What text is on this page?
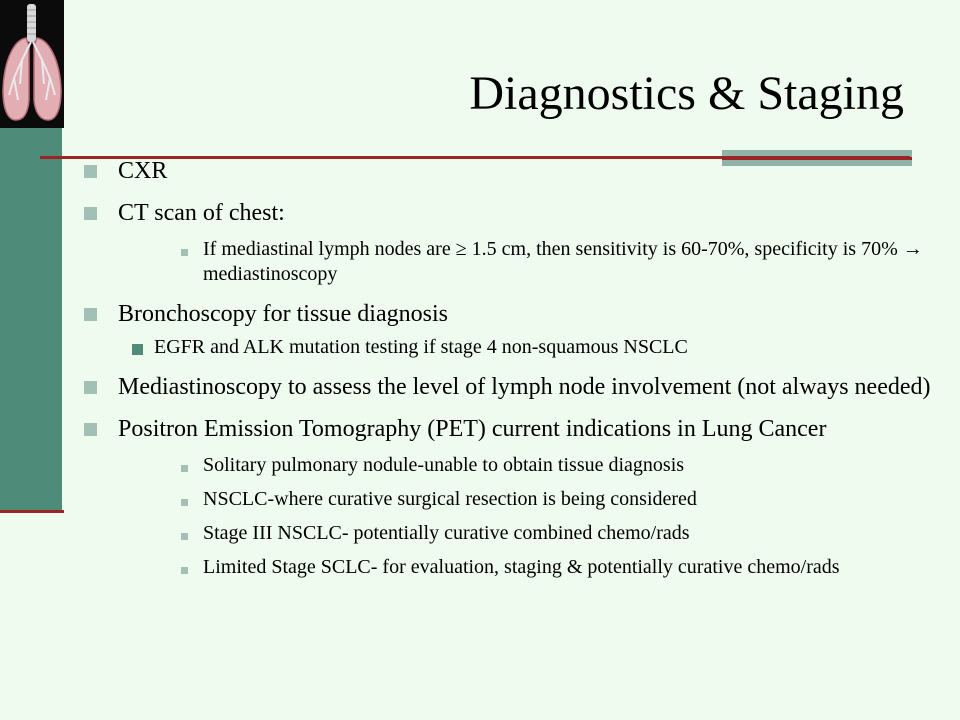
Diagnostics & Staging
CXR
CT scan of chest:
If mediastinal lymph nodes are ≥ 1.5 cm, then sensitivity is 60-70%, specificity is 70% → mediastinoscopy
Bronchoscopy for tissue diagnosis
EGFR and ALK mutation testing if stage 4 non-squamous NSCLC
Mediastinoscopy to assess the level of lymph node involvement (not always needed)
Positron Emission Tomography (PET) current indications in Lung Cancer
Solitary pulmonary nodule-unable to obtain tissue diagnosis
NSCLC-where curative surgical resection is being considered
Stage III NSCLC- potentially curative combined chemo/rads
Limited Stage SCLC- for evaluation, staging & potentially curative chemo/rads
